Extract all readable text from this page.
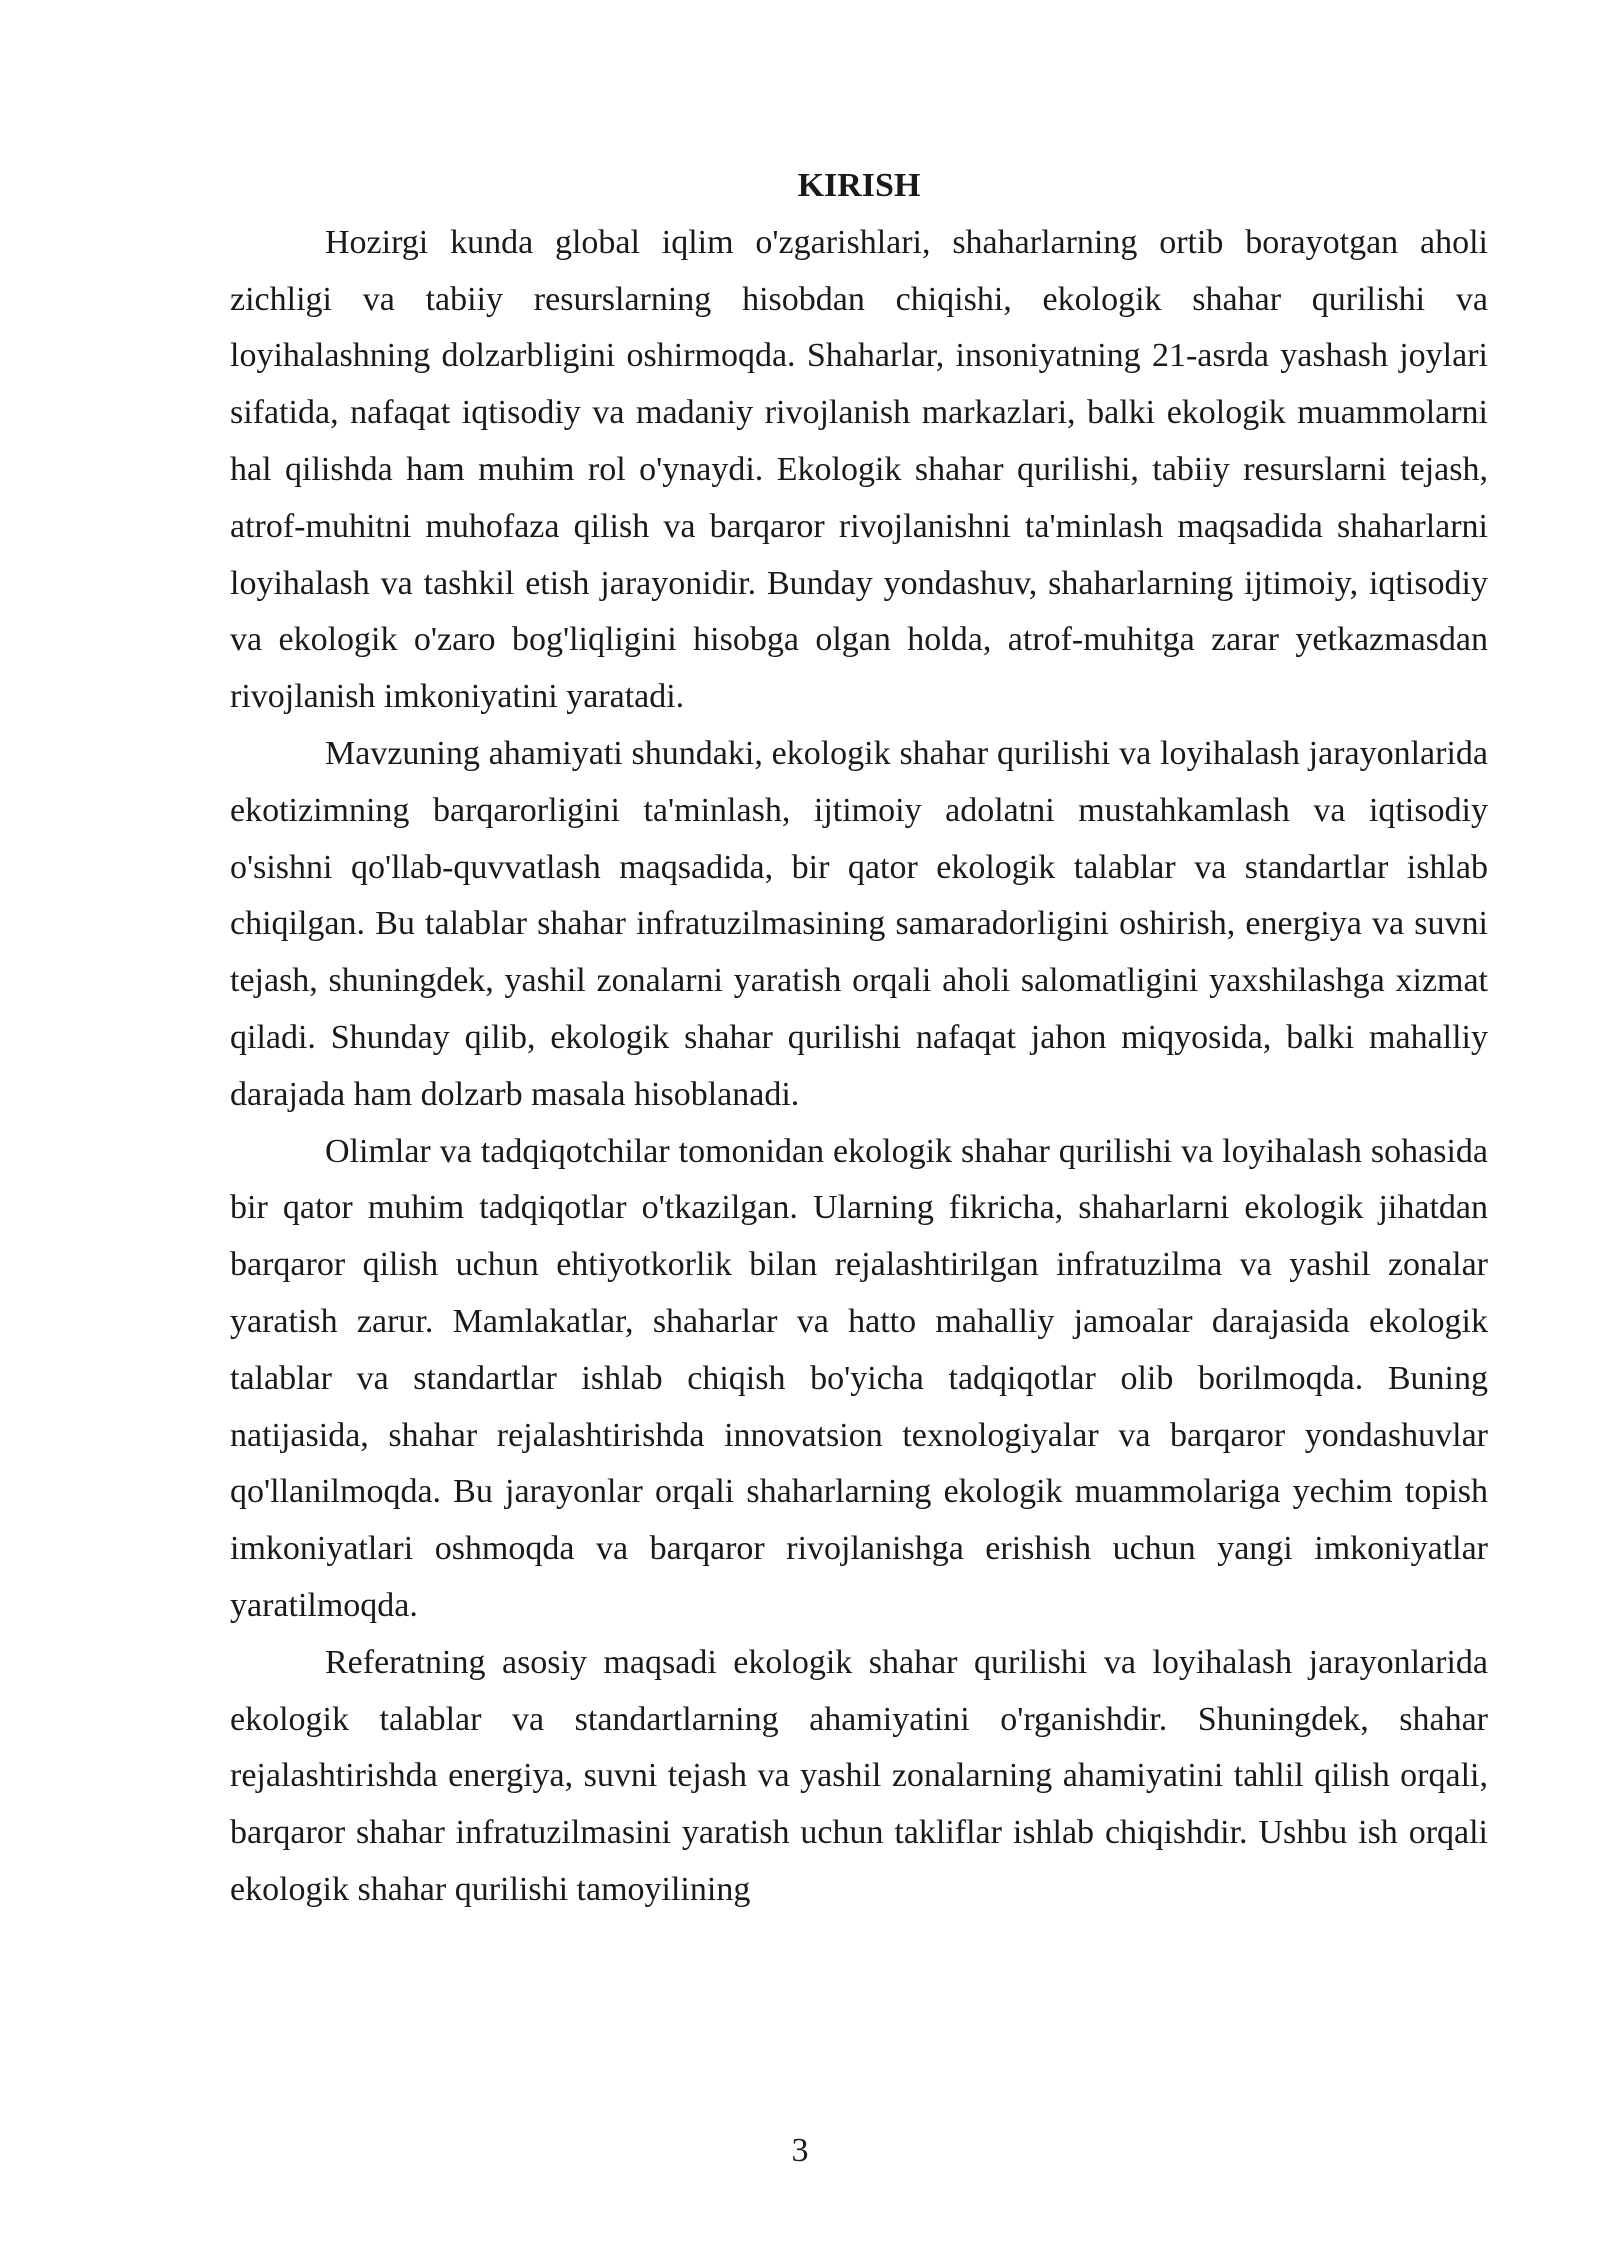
KIRISH

Hozirgi kunda global iqlim o'zgarishlari, shaharlarning ortib borayotgan aholi zichligi va tabiiy resurslarning hisobdan chiqishi, ekologik shahar qurilishi va loyihalashning dolzarbligini oshirmoqda. Shaharlar, insoniyatning 21-asrda yashash joylari sifatida, nafaqat iqtisodiy va madaniy rivojlanish markazlari, balki ekologik muammolarni hal qilishda ham muhim rol o'ynaydi. Ekologik shahar qurilishi, tabiiy resurslarni tejash, atrof-muhitni muhofaza qilish va barqaror rivojlanishni ta'minlash maqsadida shaharlarni loyihalash va tashkil etish jarayonidir. Bunday yondashuv, shaharlarning ijtimoiy, iqtisodiy va ekologik o'zaro bog'liqligini hisobga olgan holda, atrof-muhitga zarar yetkazmasdan rivojlanish imkoniyatini yaratadi.

Mavzuning ahamiyati shundaki, ekologik shahar qurilishi va loyihalash jarayonlarida ekotizimning barqarorligini ta'minlash, ijtimoiy adolatni mustahkamlash va iqtisodiy o'sishni qo'llab-quvvatlash maqsadida, bir qator ekologik talablar va standartlar ishlab chiqilgan. Bu talablar shahar infratuzilmasining samaradorligini oshirish, energiya va suvni tejash, shuningdek, yashil zonalarni yaratish orqali aholi salomatligini yaxshilashga xizmat qiladi. Shunday qilib, ekologik shahar qurilishi nafaqat jahon miqyosida, balki mahalliy darajada ham dolzarb masala hisoblanadi.

Olimlar va tadqiqotchilar tomonidan ekologik shahar qurilishi va loyihalash sohasida bir qator muhim tadqiqotlar o'tkazilgan. Ularning fikricha, shaharlarni ekologik jihatdan barqaror qilish uchun ehtiyotkorlik bilan rejalashtirilgan infratuzilma va yashil zonalar yaratish zarur. Mamlakatlar, shaharlar va hatto mahalliy jamoalar darajasida ekologik talablar va standartlar ishlab chiqish bo'yicha tadqiqotlar olib borilmoqda. Buning natijasida, shahar rejalashtirishda innovatsion texnologiyalar va barqaror yondashuvlar qo'llanilmoqda. Bu jarayonlar orqali shaharlarning ekologik muammolariga yechim topish imkoniyatlari oshmoqda va barqaror rivojlanishga erishish uchun yangi imkoniyatlar yaratilmoqda.

Referatning asosiy maqsadi ekologik shahar qurilishi va loyihalash jarayonlarida ekologik talablar va standartlarning ahamiyatini o'rganishdir. Shuningdek, shahar rejalashtirishda energiya, suvni tejash va yashil zonalarning ahamiyatini tahlil qilish orqali, barqaror shahar infratuzilmasini yaratish uchun takliflar ishlab chiqishdir. Ushbu ish orqali ekologik shahar qurilishi tamoyilining

3
